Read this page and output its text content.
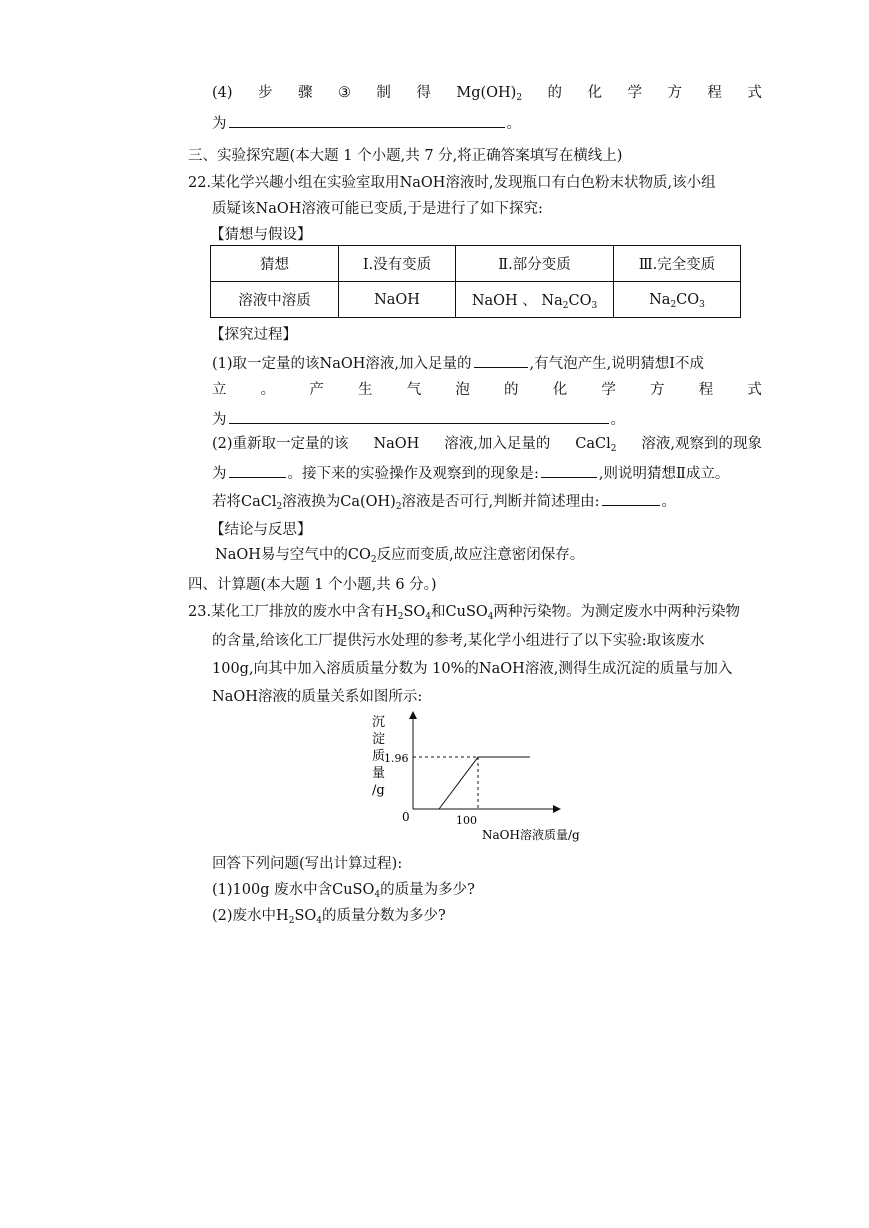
(4) 步 骤 ③ 制 得 $Mg(OH)_2$ 的 化 学 方 程 式
为	。
三、实验探究题(本大题 1 个小题,共 7 分,将正确答案填写在横线上)
22.某化学兴趣小组在实验室取用NaOH溶液时,发现瓶口有白色粉末状物质,该小组
质疑该NaOH溶液可能已变质,于是进行了如下探究:
【猜想与假设】
猜想	Ⅰ.没有变质	Ⅱ.部分变质	Ⅲ.完全变质
溶液中溶质	NaOH	NaOH 、 $Na_2CO_3$	$Na_2CO_3$
【探究过程】
(1)取一定量的该NaOH溶液,加入足量的	,有气泡产生,说明猜想Ⅰ不成
立 。 产 生 气 泡 的 化 学 方 程 式
为	。
(2)重新取一定量的该 NaOH 溶液,加入足量的 CaCl$_2$ 溶液,观察到的现象
为	。接下来的实验操作及观察到的现象是:	,则说明猜想Ⅱ成立。
若将CaCl$_2$溶液换为$Ca(OH)_2$溶液是否可行,判断并简述理由:	。
【结论与反思】
NaOH易与空气中的$CO_2$反应而变质,故应注意密闭保存。
四、计算题(本大题 1 个小题,共 6 分。)
23.某化工厂排放的废水中含有$H_2SO_4$和CuSO$_4$两种污染物。为测定废水中两种污染物
的含量,给该化工厂提供污水处理的参考,某化学小组进行了以下实验:取该废水
100g,向其中加入溶质质量分数为 10%的NaOH溶液,测得生成沉淀的质量与加入
NaOH溶液的质量关系如图所示:
沉
淀
质
量
/g
0
1.96
100
NaOH溶液质量/g
回答下列问题(写出计算过程):
(1)100g 废水中含CuSO$_4$的质量为多少?
(2)废水中$H_2SO_4$的质量分数为多少?
